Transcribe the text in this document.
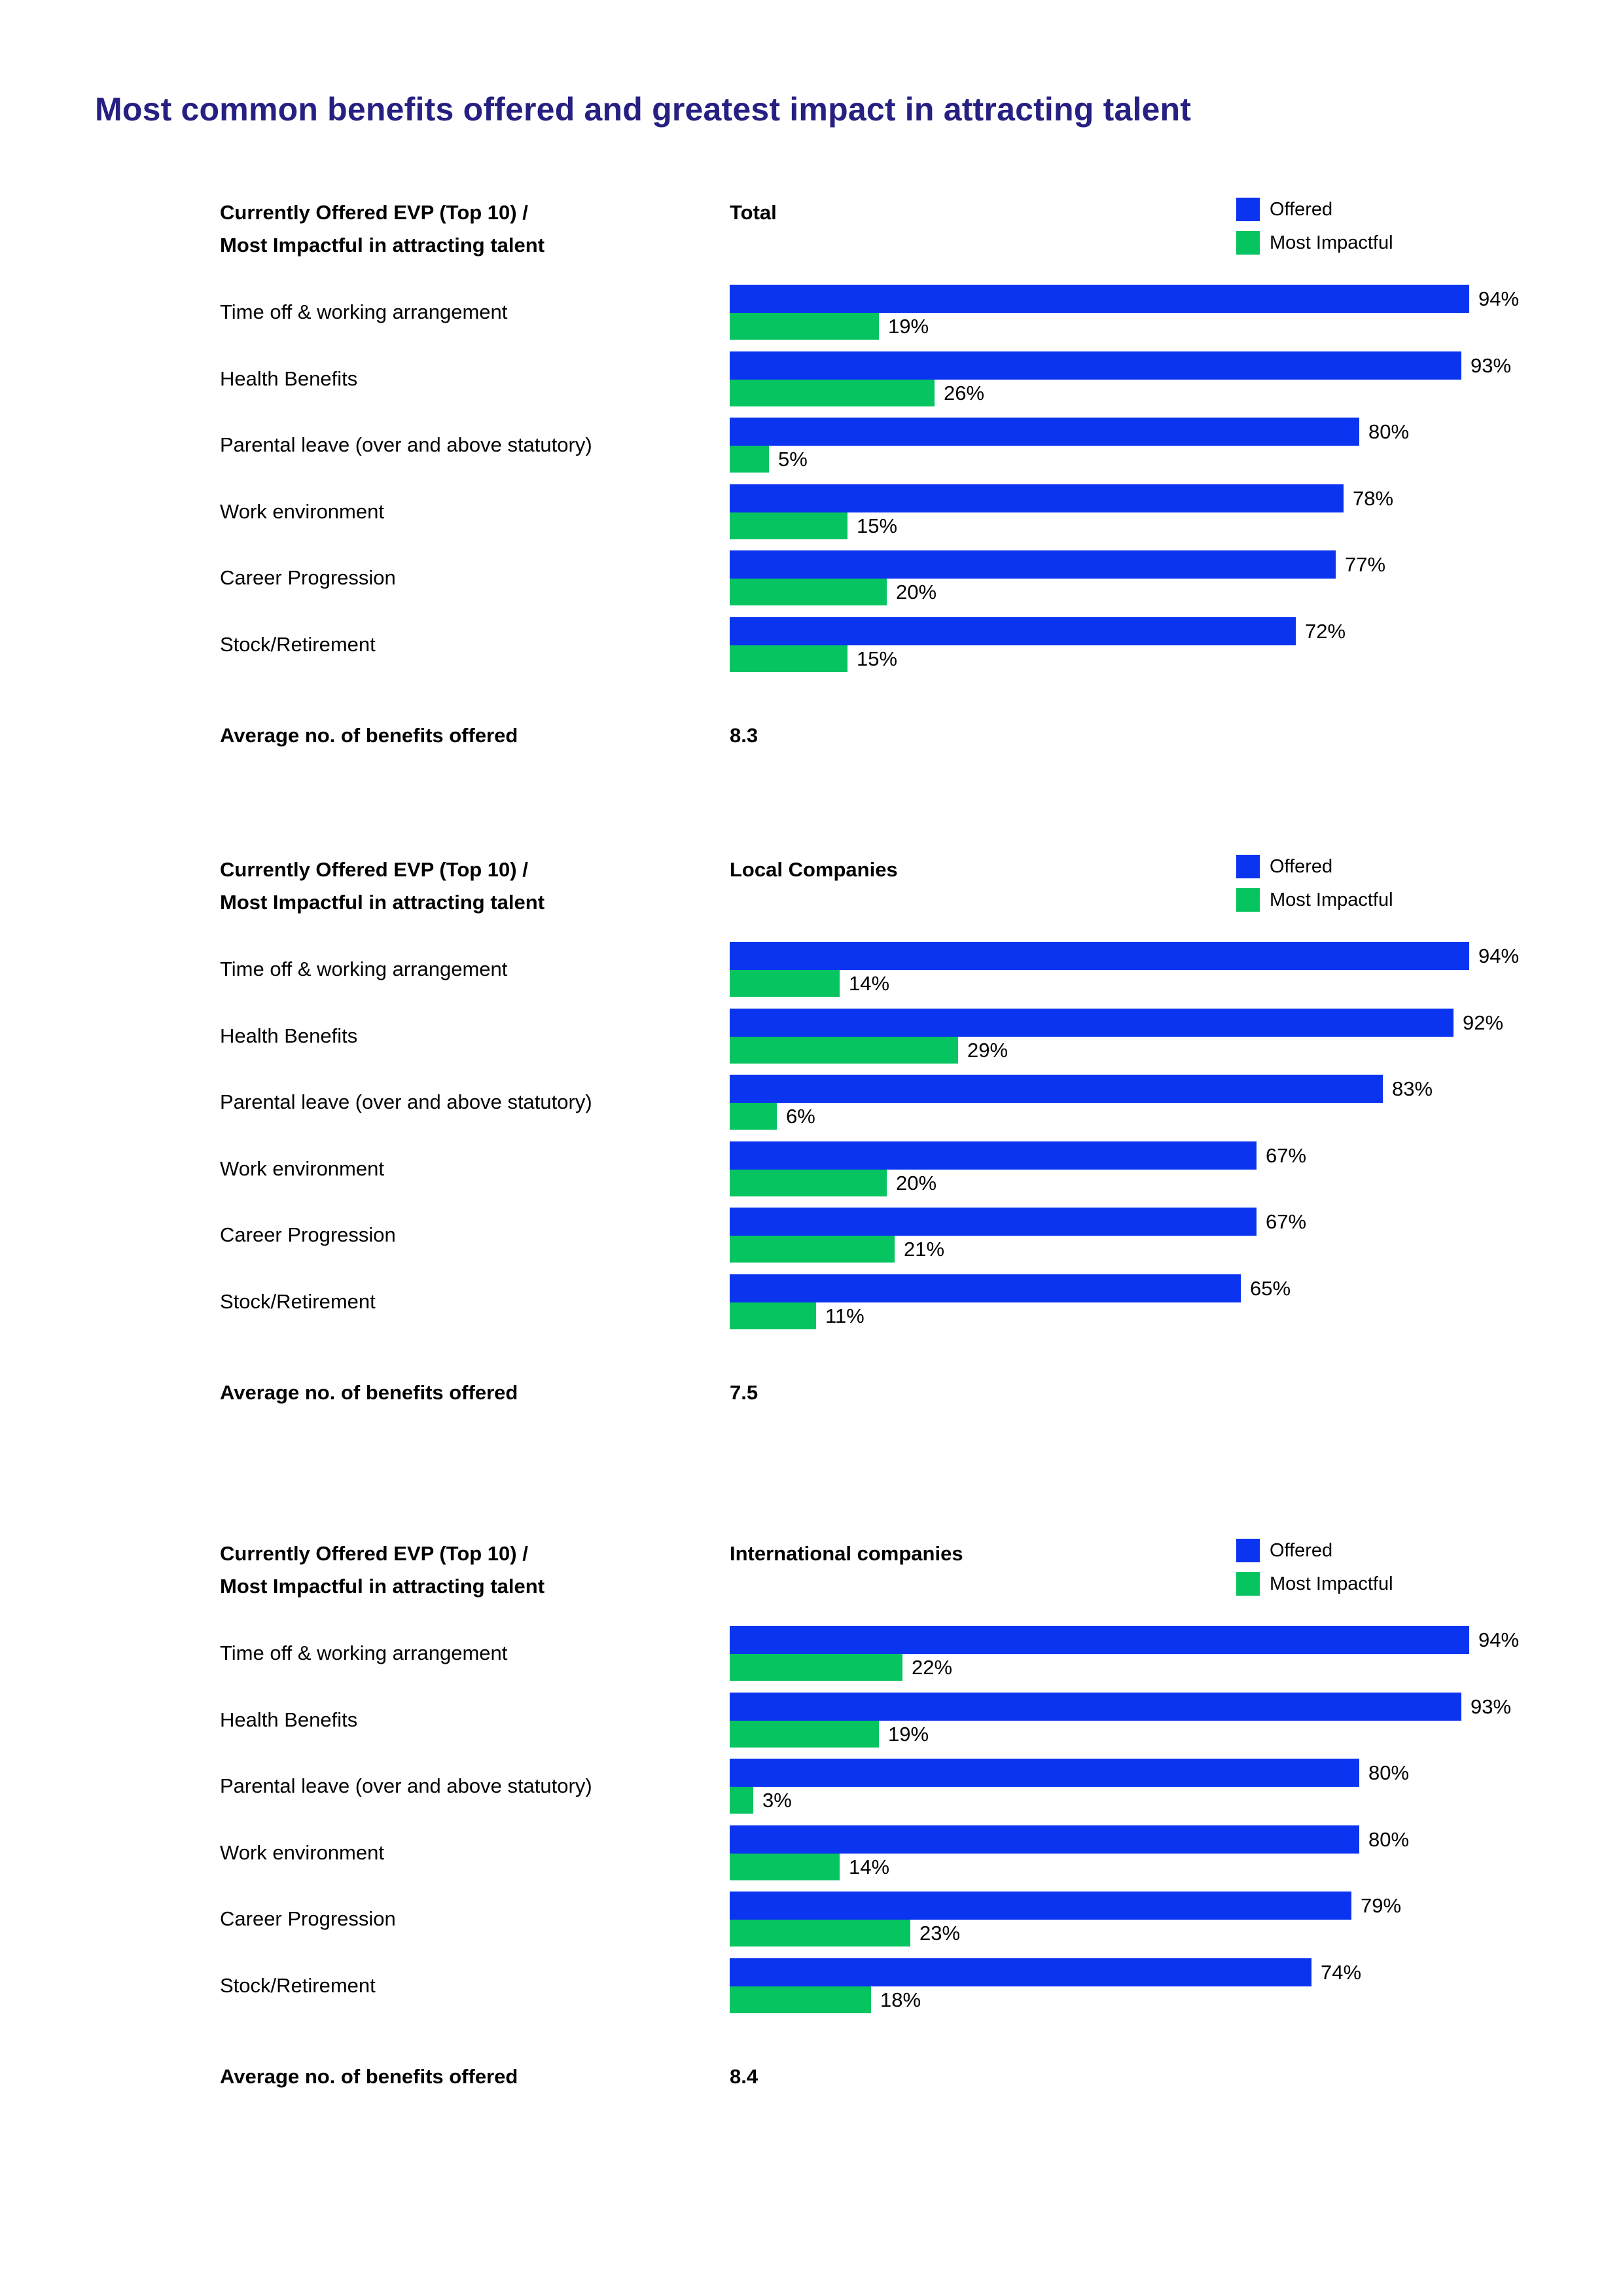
Most common benefits offered and greatest impact in attracting talent
Currently Offered EVP (Top 10) /
Most Impactful in attracting talent
Total	Offered
Most Impactful
Time off & working arrangement
94%
19%
Health Benefits
93%
26%
Parental leave (over and above statutory)
80%
5%
Work environment
78%
15%
Career Progression
77%
20%
Stock/Retirement
72%
15%
Average no. of benefits offered	8.3
Currently Offered EVP (Top 10) /
Most Impactful in attracting talent
Local Companies	Offered
Most Impactful
Time off & working arrangement
94%
14%
Health Benefits
92%
29%
Parental leave (over and above statutory)
83%
6%
Work environment
67%
20%
Career Progression
67%
21%
Stock/Retirement
65%
11%
Average no. of benefits offered	7.5
Currently Offered EVP (Top 10) /
Most Impactful in attracting talent
International companies	Offered
Most Impactful
Time off & working arrangement
94%
22%
Health Benefits
93%
19%
Parental leave (over and above statutory)
80%
3%
Work environment
80%
14%
Career Progression
79%
23%
Stock/Retirement
74%
18%
Average no. of benefits offered	8.4
